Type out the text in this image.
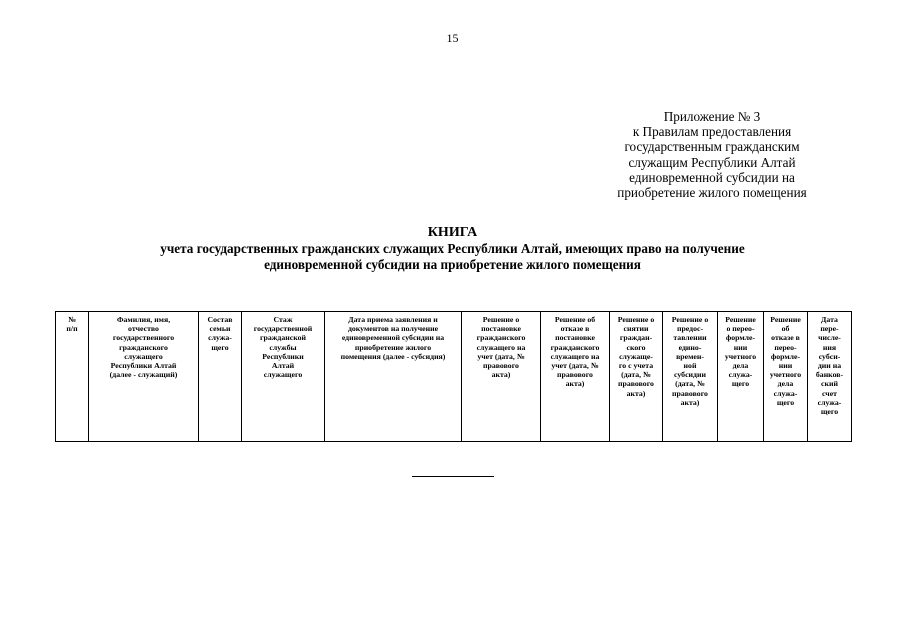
15
Приложение № 3
к Правилам предоставления
государственным гражданским
служащим Республики Алтай
единовременной субсидии на
приобретение жилого помещения
КНИГА
учета государственных гражданских служащих Республики Алтай, имеющих право на получение
единовременной субсидии на приобретение жилого помещения
№
п/п	Фамилия, имя,
отчество
государственного
гражданского
служащего
Республики Алтай
(далее - служащий)	Состав
семьи
служа-
щего	Стаж
государственной
гражданской
службы
Республики
Алтай
служащего	Дата приема заявления и
документов на получение
единовременной субсидии на
приобретение жилого
помещения (далее - субсидия)	Решение о
постановке
гражданского
служащего на
учет (дата, №
правового
акта)	Решение об
отказе в
постановке
гражданского
служащего на
учет (дата, №
правового
акта)	Решение о
снятии
граждан-
ского
служаще-
го с учета
(дата, №
правового
акта)	Решение о
предос-
тавлении
едино-
времен-
ной
субсидии
(дата, №
правового
акта)	Решение
о перео-
формле-
нии
учетного
дела
служа-
щего	Решение
об
отказе в
перео-
формле-
нии
учетного
дела
служа-
щего	Дата
пере-
числе-
ния
субси-
дии на
банков-
ский
счет
служа-
щего
